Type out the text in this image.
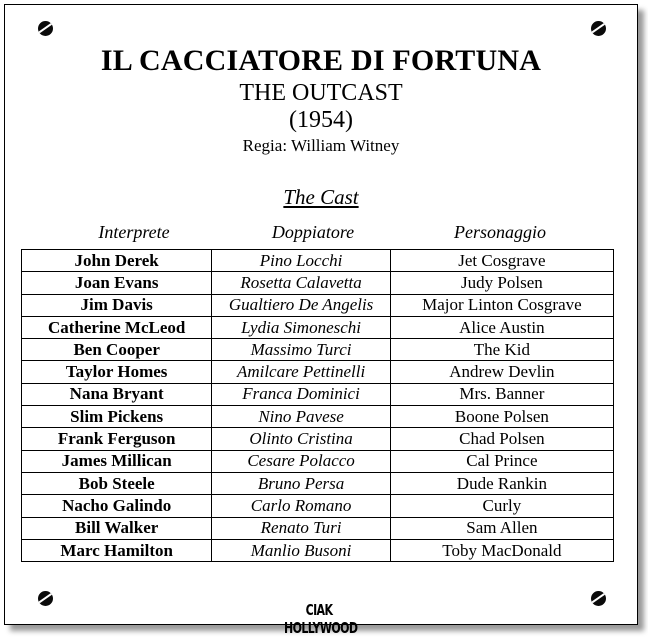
IL CACCIATORE DI FORTUNA
THE OUTCAST
(1954)
Regia: William Witney
The Cast
Interprete	Doppiatore	Personaggio
John Derek	Pino Locchi	Jet Cosgrave
Joan Evans	Rosetta Calavetta	Judy Polsen
Jim Davis	Gualtiero De Angelis	Major Linton Cosgrave
Catherine McLeod	Lydia Simoneschi	Alice Austin
Ben Cooper	Massimo Turci	The Kid
Taylor Homes	Amilcare Pettinelli	Andrew Devlin
Nana Bryant	Franca Dominici	Mrs. Banner
Slim Pickens	Nino Pavese	Boone Polsen
Frank Ferguson	Olinto Cristina	Chad Polsen
James Millican	Cesare Polacco	Cal Prince
Bob Steele	Bruno Persa	Dude Rankin
Nacho Galindo	Carlo Romano	Curly
Bill Walker	Renato Turi	Sam Allen
Marc Hamilton	Manlio Busoni	Toby MacDonald
CIAK HOLLYWOOD
